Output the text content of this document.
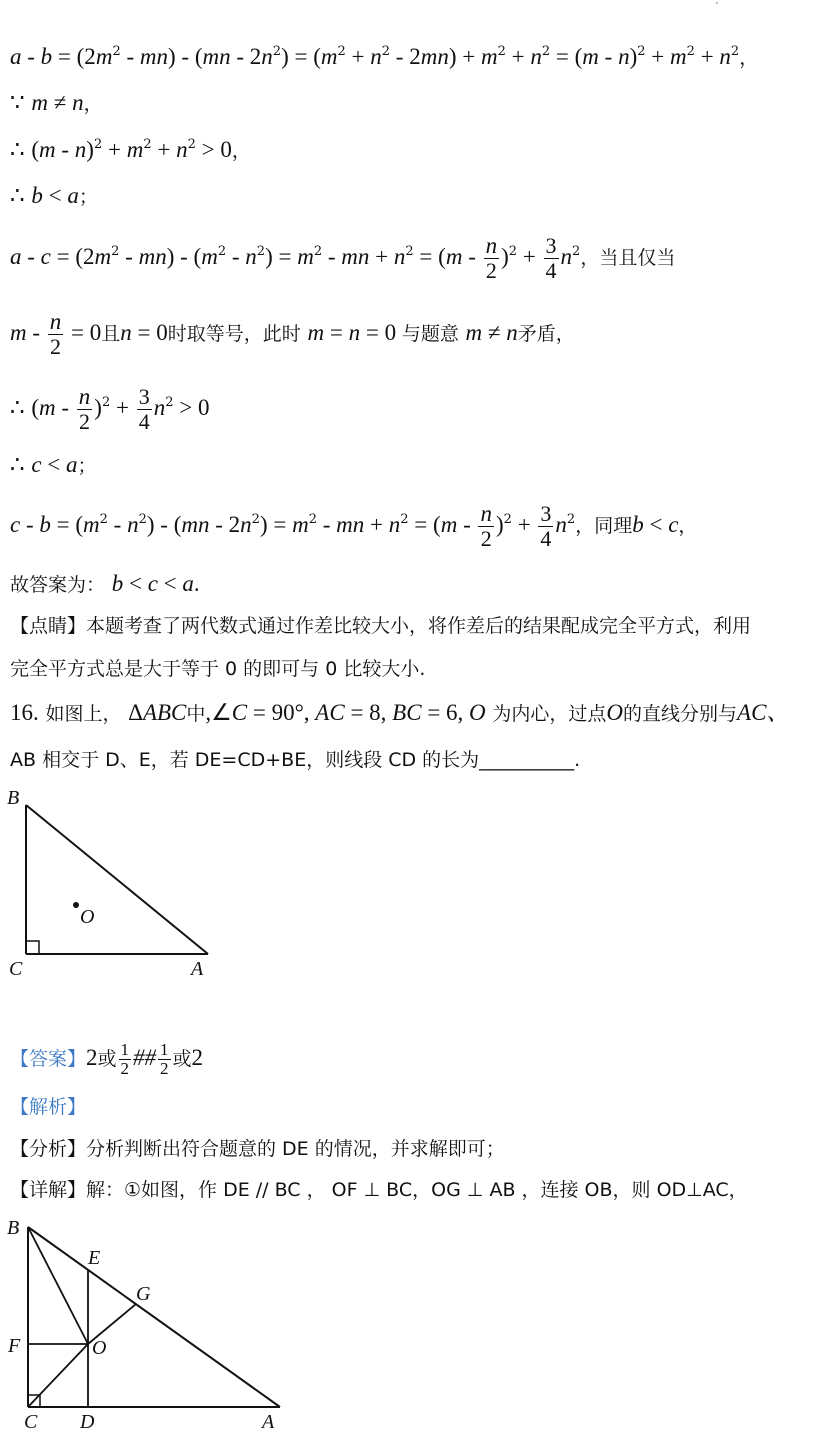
$a - b = (2m^2 - mn) - (mn - 2n^2) = (m^2 + n^2 - 2mn) + m^2 + n^2 = (m - n)^2 + m^2 + n^2$，
∵ m ≠ n，
∴ $(m - n)^2 + m^2 + n^2 > 0$，
∴ b < a；
$a - c = (2m^2 - mn) - (m^2 - n^2) = m^2$ - mn + $n^2 = (m - \frac{n}{2} )^2 + \frac{3}{4} n^2$，当且仅当
$m - \frac{n}{2} = 0$且n = 0时取等号，此时 m = n = 0 与题意 m ≠ n矛盾，
∴ $(m - \frac{n}{2} )^2 + \frac{3}{4} n^2 > 0$
∴ c < a；
$c - b = (m^2 - n^2) - (mn - 2n^2) = m^2$ - mn + $n^2 = (m - \frac{n}{2} )^2 + \frac{3}{4} n^2$，同理b < c，
故答案为： b < c < a.
【点睛】本题考查了两代数式通过作差比较大小，将作差后的结果配成完全平方式，利用
完全平方式总是大于等于 0 的即可与 0 比较大小.
16. 如图上， ΔABC中,∠C = 90°, AC = 8, BC = 6, O 为内心，过点O的直线分别与AC、
AB 相交于 D、E，若 DE=CD+BE，则线段 CD 的长为__________.
B
C	A
O
【答案】
2或 $\frac{1}{2}$ ## $\frac{1}{2}$ 或2
【解析】
【分析】分析判断出符合题意的 DE 的情况，并求解即可；
【详解】解：①如图，作 DE // BC ， OF ⊥ BC，OG ⊥ AB ，连接 OB，则 OD⊥AC，
B
E
G
F	O
C D	A
